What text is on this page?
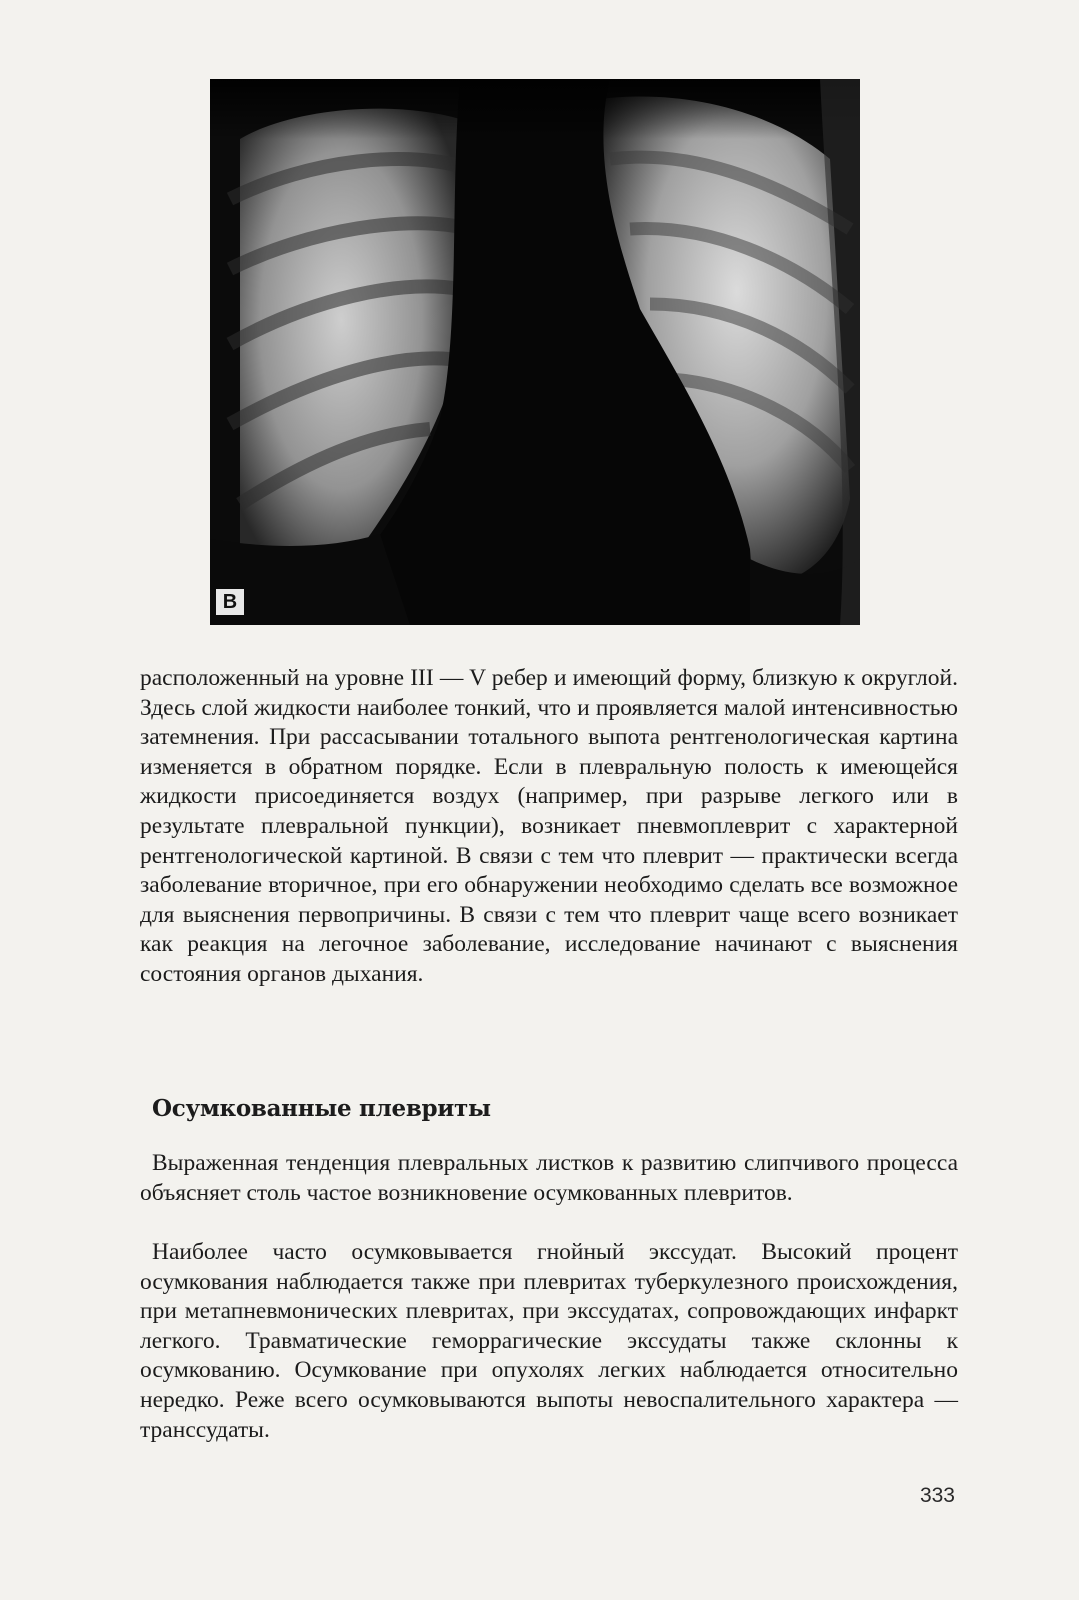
В

расположенный на уровне III — V ребер и имеющий форму, близкую к округлой. Здесь слой жидкости наиболее тонкий, что и проявляется малой интенсивностью затемнения. При рассасывании тотального выпота рентгенологическая картина изменяется в обратном порядке. Если в плевральную полость к имеющейся жидкости присоединяется воздух (например, при разрыве легкого или в результате плевральной пункции), возникает пневмоплеврит с характерной рентгенологической картиной. В связи с тем что плеврит — практически всегда заболевание вторичное, при его обнаружении необходимо сделать все возможное для выяснения первопричины. В связи с тем что плеврит чаще всего возникает как реакция на легочное заболевание, исследование начинают с выяснения состояния органов дыхания.

Осумкованные плевриты

Выраженная тенденция плевральных листков к развитию слипчивого процесса объясняет столь частое возникновение осумкованных плевритов.

Наиболее часто осумковывается гнойный экссудат. Высокий процент осумкования наблюдается также при плевритах туберкулезного происхождения, при метапневмонических плевритах, при экссудатах, сопровождающих инфаркт легкого. Травматические геморрагические экссудаты также склонны к осумкованию. Осумкование при опухолях легких наблюдается относительно нередко. Реже всего осумковываются выпоты невоспалительного характера — транссудаты.

333
